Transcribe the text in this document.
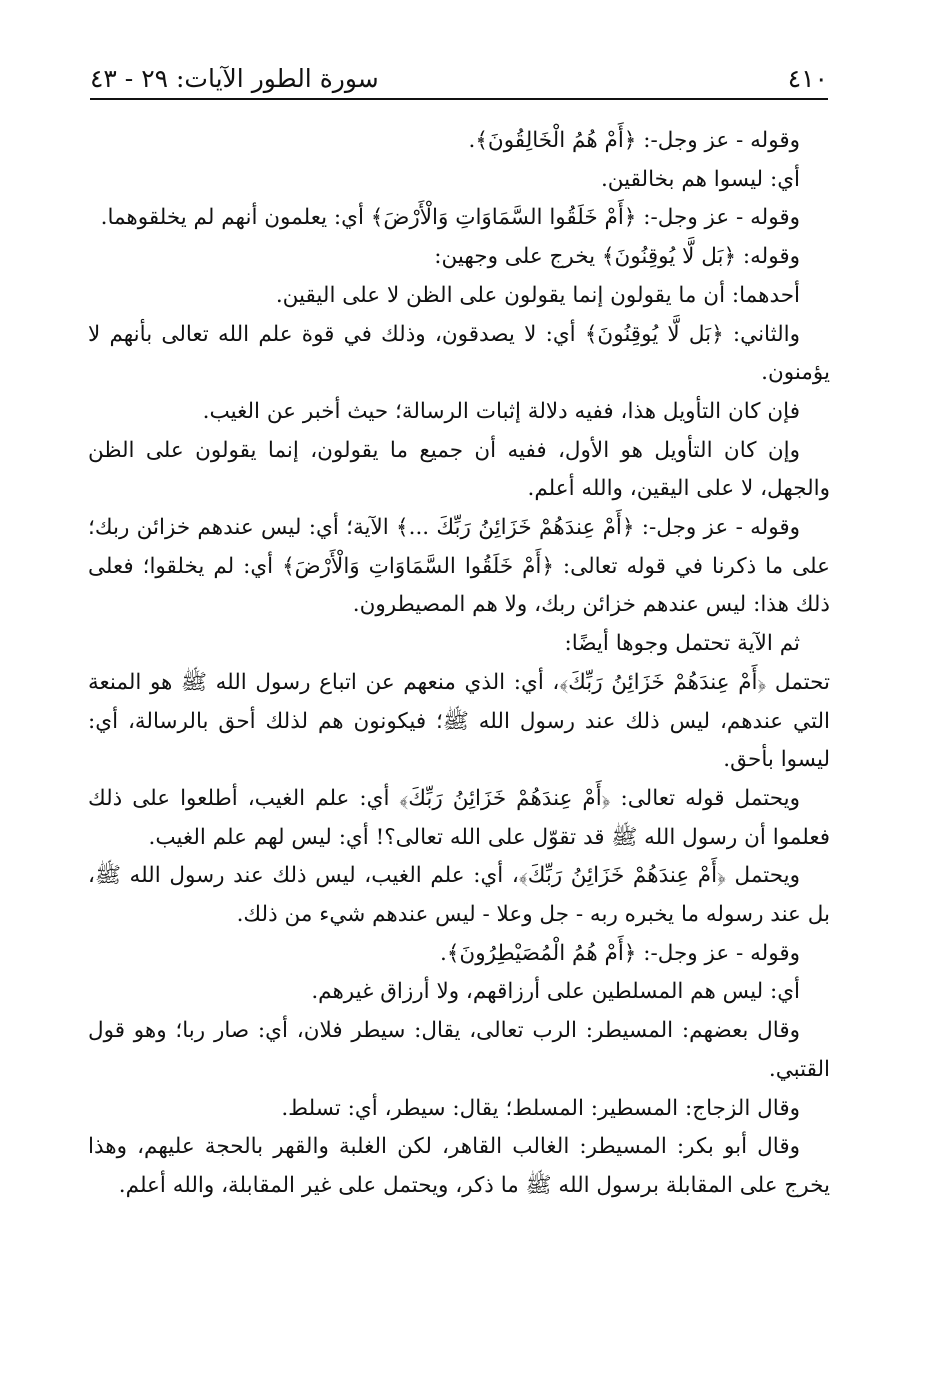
٤١٠
سورة الطور الآيات: ٢٩ - ٤٣

وقوله - عز وجل-: ﴿أَمْ هُمُ الْخَالِقُونَ﴾.

أي: ليسوا هم بخالقين.

وقوله - عز وجل-: ﴿أَمْ خَلَقُوا السَّمَاوَاتِ وَالْأَرْضَ﴾ أي: يعلمون أنهم لم يخلقوهما.

وقوله: ﴿بَل لَّا يُوقِنُونَ﴾ يخرج على وجهين:

أحدهما: أن ما يقولون إنما يقولون على الظن لا على اليقين.

والثاني: ﴿بَل لَّا يُوقِنُونَ﴾ أي: لا يصدقون، وذلك في قوة علم الله تعالى بأنهم لا يؤمنون.

فإن كان التأويل هذا، ففيه دلالة إثبات الرسالة؛ حيث أخبر عن الغيب.

وإن كان التأويل هو الأول، ففيه أن جميع ما يقولون، إنما يقولون على الظن والجهل، لا على اليقين، والله أعلم.

وقوله - عز وجل-: ﴿أَمْ عِندَهُمْ خَزَائِنُ رَبِّكَ ...﴾ الآية؛ أي: ليس عندهم خزائن ربك؛ على ما ذكرنا في قوله تعالى: ﴿أَمْ خَلَقُوا السَّمَاوَاتِ وَالْأَرْضَ﴾ أي: لم يخلقوا؛ فعلى ذلك هذا: ليس عندهم خزائن ربك، ولا هم المصيطرون.

ثم الآية تحتمل وجوها أيضًا:

تحتمل ﴿أَمْ عِندَهُمْ خَزَائِنُ رَبِّكَ﴾، أي: الذي منعهم عن اتباع رسول الله ﷺ هو المنعة التي عندهم، ليس ذلك عند رسول الله ﷺ؛ فيكونون هم لذلك أحق بالرسالة، أي: ليسوا بأحق.

ويحتمل قوله تعالى: ﴿أَمْ عِندَهُمْ خَزَائِنُ رَبِّكَ﴾ أي: علم الغيب، أطلعوا على ذلك فعلموا أن رسول الله ﷺ قد تقوّل على الله تعالى؟! أي: ليس لهم علم الغيب.

ويحتمل ﴿أَمْ عِندَهُمْ خَزَائِنُ رَبِّكَ﴾، أي: علم الغيب، ليس ذلك عند رسول الله ﷺ، بل عند رسوله ما يخبره ربه - جل وعلا - ليس عندهم شيء من ذلك.

وقوله - عز وجل-: ﴿أَمْ هُمُ الْمُصَيْطِرُونَ﴾.

أي: ليس هم المسلطين على أرزاقهم، ولا أرزاق غيرهم.

وقال بعضهم: المسيطر: الرب تعالى، يقال: سيطر فلان، أي: صار ربا؛ وهو قول القتبي.

وقال الزجاج: المسطير: المسلط؛ يقال: سيطر، أي: تسلط.

وقال أبو بكر: المسيطر: الغالب القاهر، لكن الغلبة والقهر بالحجة عليهم، وهذا يخرج على المقابلة برسول الله ﷺ ما ذكر، ويحتمل على غير المقابلة، والله أعلم.
